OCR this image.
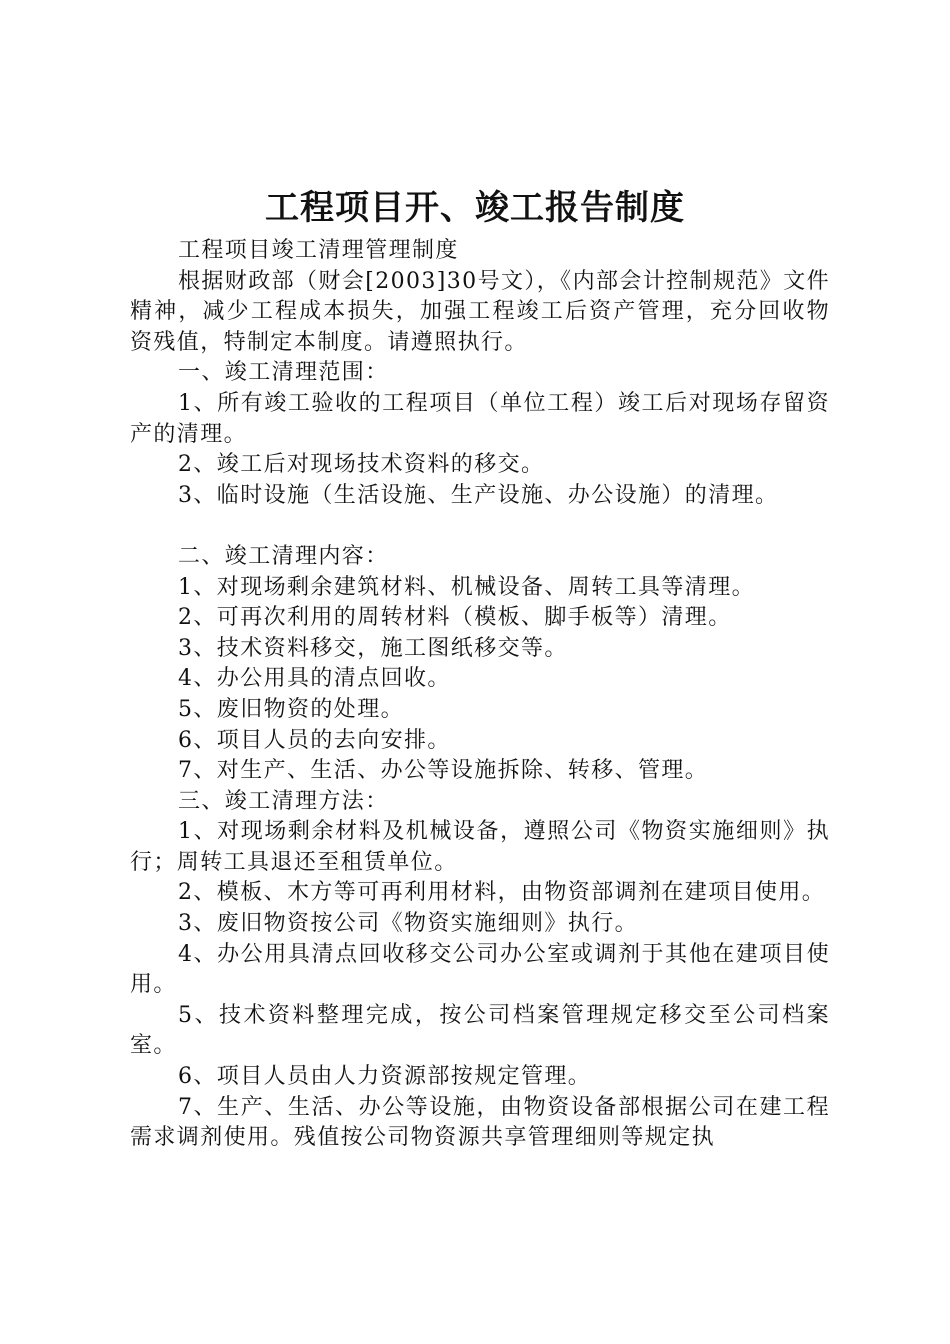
工程项目开、竣工报告制度

工程项目竣工清理管理制度

根据财政部（财会[2003]30号文），《内部会计控制规范》文件精神，减少工程成本损失，加强工程竣工后资产管理，充分回收物资残值，特制定本制度。请遵照执行。

一、竣工清理范围：

1、所有竣工验收的工程项目（单位工程）竣工后对现场存留资产的清理。

2、竣工后对现场技术资料的移交。

3、临时设施（生活设施、生产设施、办公设施）的清理。

二、竣工清理内容：

1、对现场剩余建筑材料、机械设备、周转工具等清理。

2、可再次利用的周转材料（模板、脚手板等）清理。

3、技术资料移交，施工图纸移交等。

4、办公用具的清点回收。

5、废旧物资的处理。

6、项目人员的去向安排。

7、对生产、生活、办公等设施拆除、转移、管理。

三、竣工清理方法：

1、对现场剩余材料及机械设备，遵照公司《物资实施细则》执行；周转工具退还至租赁单位。

2、模板、木方等可再利用材料，由物资部调剂在建项目使用。

3、废旧物资按公司《物资实施细则》执行。

4、办公用具清点回收移交公司办公室或调剂于其他在建项目使用。

5、技术资料整理完成，按公司档案管理规定移交至公司档案室。

6、项目人员由人力资源部按规定管理。

7、生产、生活、办公等设施，由物资设备部根据公司在建工程需求调剂使用。残值按公司物资源共享管理细则等规定执
